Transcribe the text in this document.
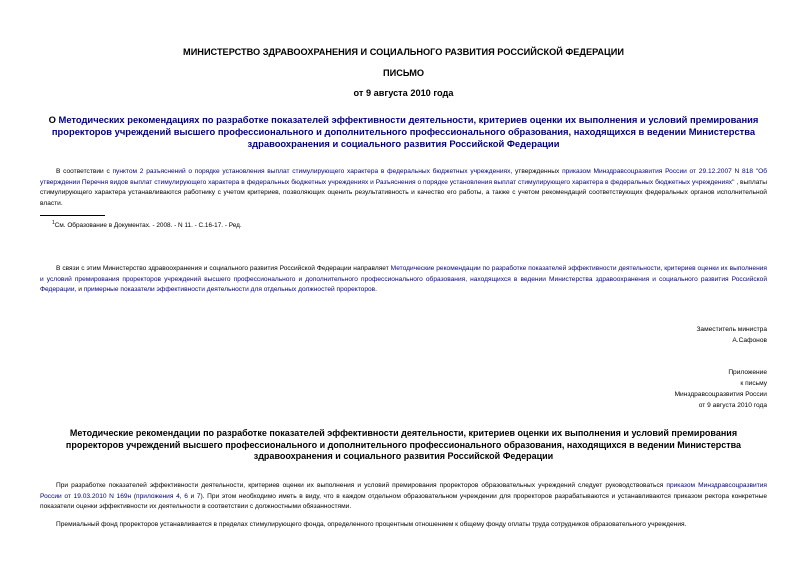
МИНИСТЕРСТВО ЗДРАВООХРАНЕНИЯ И СОЦИАЛЬНОГО РАЗВИТИЯ РОССИЙСКОЙ ФЕДЕРАЦИИ
ПИСЬМО
от 9 августа 2010 года
О Методических рекомендациях по разработке показателей эффективности деятельности, критериев оценки их выполнения и условий премирования проректоров учреждений высшего профессионального и дополнительного профессионального образования, находящихся в ведении Министерства здравоохранения и социального развития Российской Федерации
В соответствии с пунктом 2 разъяснений о порядке установления выплат стимулирующего характера в федеральных бюджетных учреждениях, утвержденных приказом Минздравсоцразвития России от 29.12.2007 N 818 "Об утверждении Перечня видов выплат стимулирующего характера в федеральных бюджетных учреждениях и Разъяснения о порядке установления выплат стимулирующего характера в федеральных бюджетных учреждениях" , выплаты стимулирующего характера устанавливаются работнику с учетом критериев, позволяющих оценить результативность и качество его работы, а также с учетом рекомендаций соответствующих федеральных органов исполнительной власти.
$^1$См. Образование в Документах. - 2008. - N 11. - С.16-17. - Ред.
В связи с этим Министерство здравоохранения и социального развития Российской Федерации направляет Методические рекомендации по разработке показателей эффективности деятельности, критериев оценки их выполнения и условий премирования проректоров учреждений высшего профессионального и дополнительного профессионального образования, находящихся в ведении Министерства здравоохранения и социального развития Российской Федерации, и примерные показатели эффективности деятельности для отдельных должностей проректоров.
Заместитель министра
А.Сафонов
Приложение
к письму
Минздравсоцразвития России
от 9 августа 2010 года
Методические рекомендации по разработке показателей эффективности деятельности, критериев оценки их выполнения и условий премирования проректоров учреждений высшего профессионального и дополнительного профессионального образования, находящихся в ведении Министерства здравоохранения и социального развития Российской Федерации
При разработке показателей эффективности деятельности, критериев оценки их выполнения и условий премирования проректоров образовательных учреждений следует руководствоваться приказом Минздравсоцразвития России от 19.03.2010 N 169н (приложения 4, 6 и 7). При этом необходимо иметь в виду, что в каждом отдельном образовательном учреждении для проректоров разрабатываются и устанавливаются приказом ректора конкретные показатели оценки эффективности их деятельности в соответствии с должностными обязанностями.
Премиальный фонд проректоров устанавливается в пределах стимулирующего фонда, определенного процентным отношением к общему фонду оплаты труда сотрудников образовательного учреждения.
